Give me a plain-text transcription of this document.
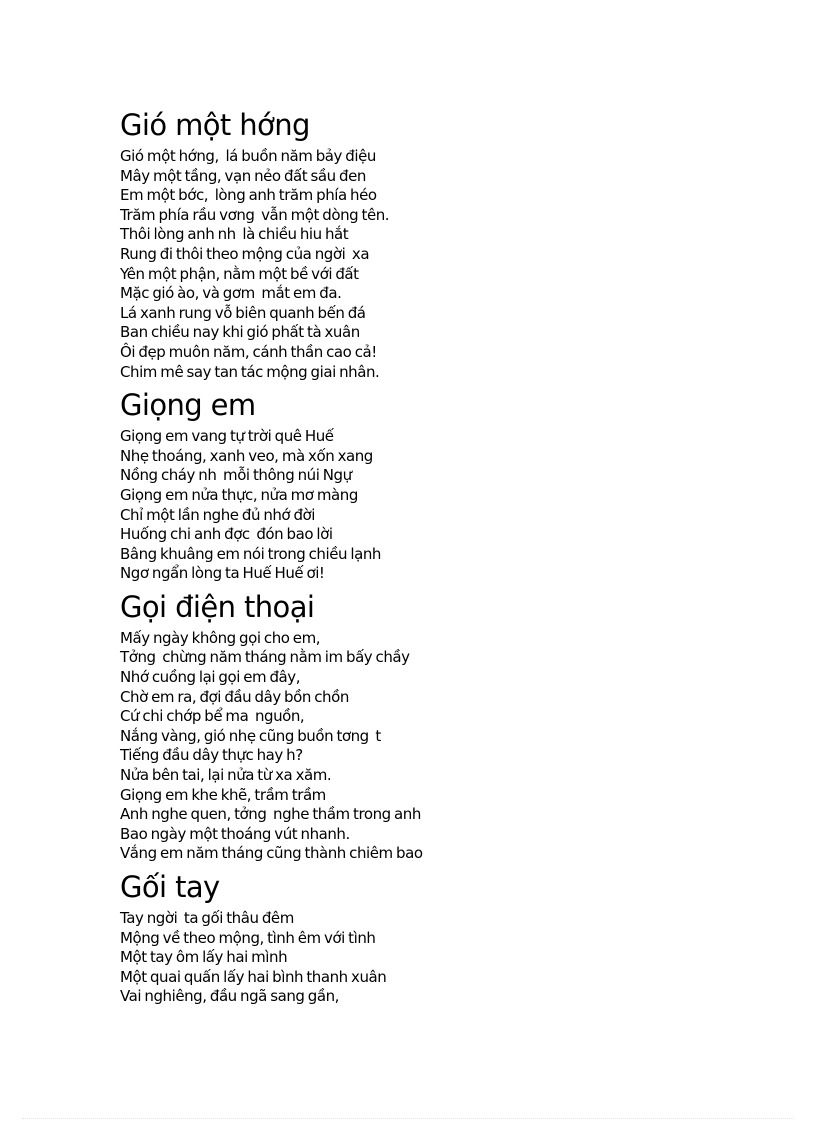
Gió một hớng
Gió một hớng,  lá buồn năm bảy điệu
Mây một tầng, vạn nẻo đất sầu đen
Em một bớc,  lòng anh trăm phía héo
Trăm phía rầu vơng  vẫn một dòng tên.
Thôi lòng anh nh  là chiều hiu hắt
Rung đi thôi theo mộng của ngời  xa
Yên một phận, nằm một bề với đất
Mặc gió ào, và gơm  mắt em đa.
Lá xanh rung vỗ biên quanh bến đá
Ban chiều nay khi gió phất tà xuân
Ôi đẹp muôn năm, cánh thần cao cả!
Chim mê say tan tác mộng giai nhân.
Giọng em
Giọng em vang tự trời quê Huế
Nhẹ thoáng, xanh veo, mà xốn xang
Nồng cháy nh  mỗi thông núi Ngự
Giọng em nửa thực, nửa mơ màng
Chỉ một lần nghe đủ nhớ đời
Huống chi anh đợc  đón bao lời
Bâng khuâng em nói trong chiều lạnh
Ngơ ngẩn lòng ta Huế Huế ơi!
Gọi điện thoại
Mấy ngày không gọi cho em,
Tởng  chừng năm tháng nằm im bấy chầy
Nhớ cuồng lại gọi em đây,
Chờ em ra, đợi đầu dây bồn chồn
Cứ chi chớp bể ma  nguồn,
Nắng vàng, gió nhẹ cũng buồn tơng  t
Tiếng đầu dây thực hay h?
Nửa bên tai, lại nửa từ xa xăm.
Giọng em khe khẽ, trầm trầm
Anh nghe quen, tởng  nghe thầm trong anh
Bao ngày một thoáng vút nhanh.
Vắng em năm tháng cũng thành chiêm bao
Gối tay
Tay ngời  ta gối thâu đêm
Mộng về theo mộng, tình êm với tình
Một tay ôm lấy hai mình
Một quai quấn lấy hai bình thanh xuân
Vai nghiêng, đầu ngã sang gần,
